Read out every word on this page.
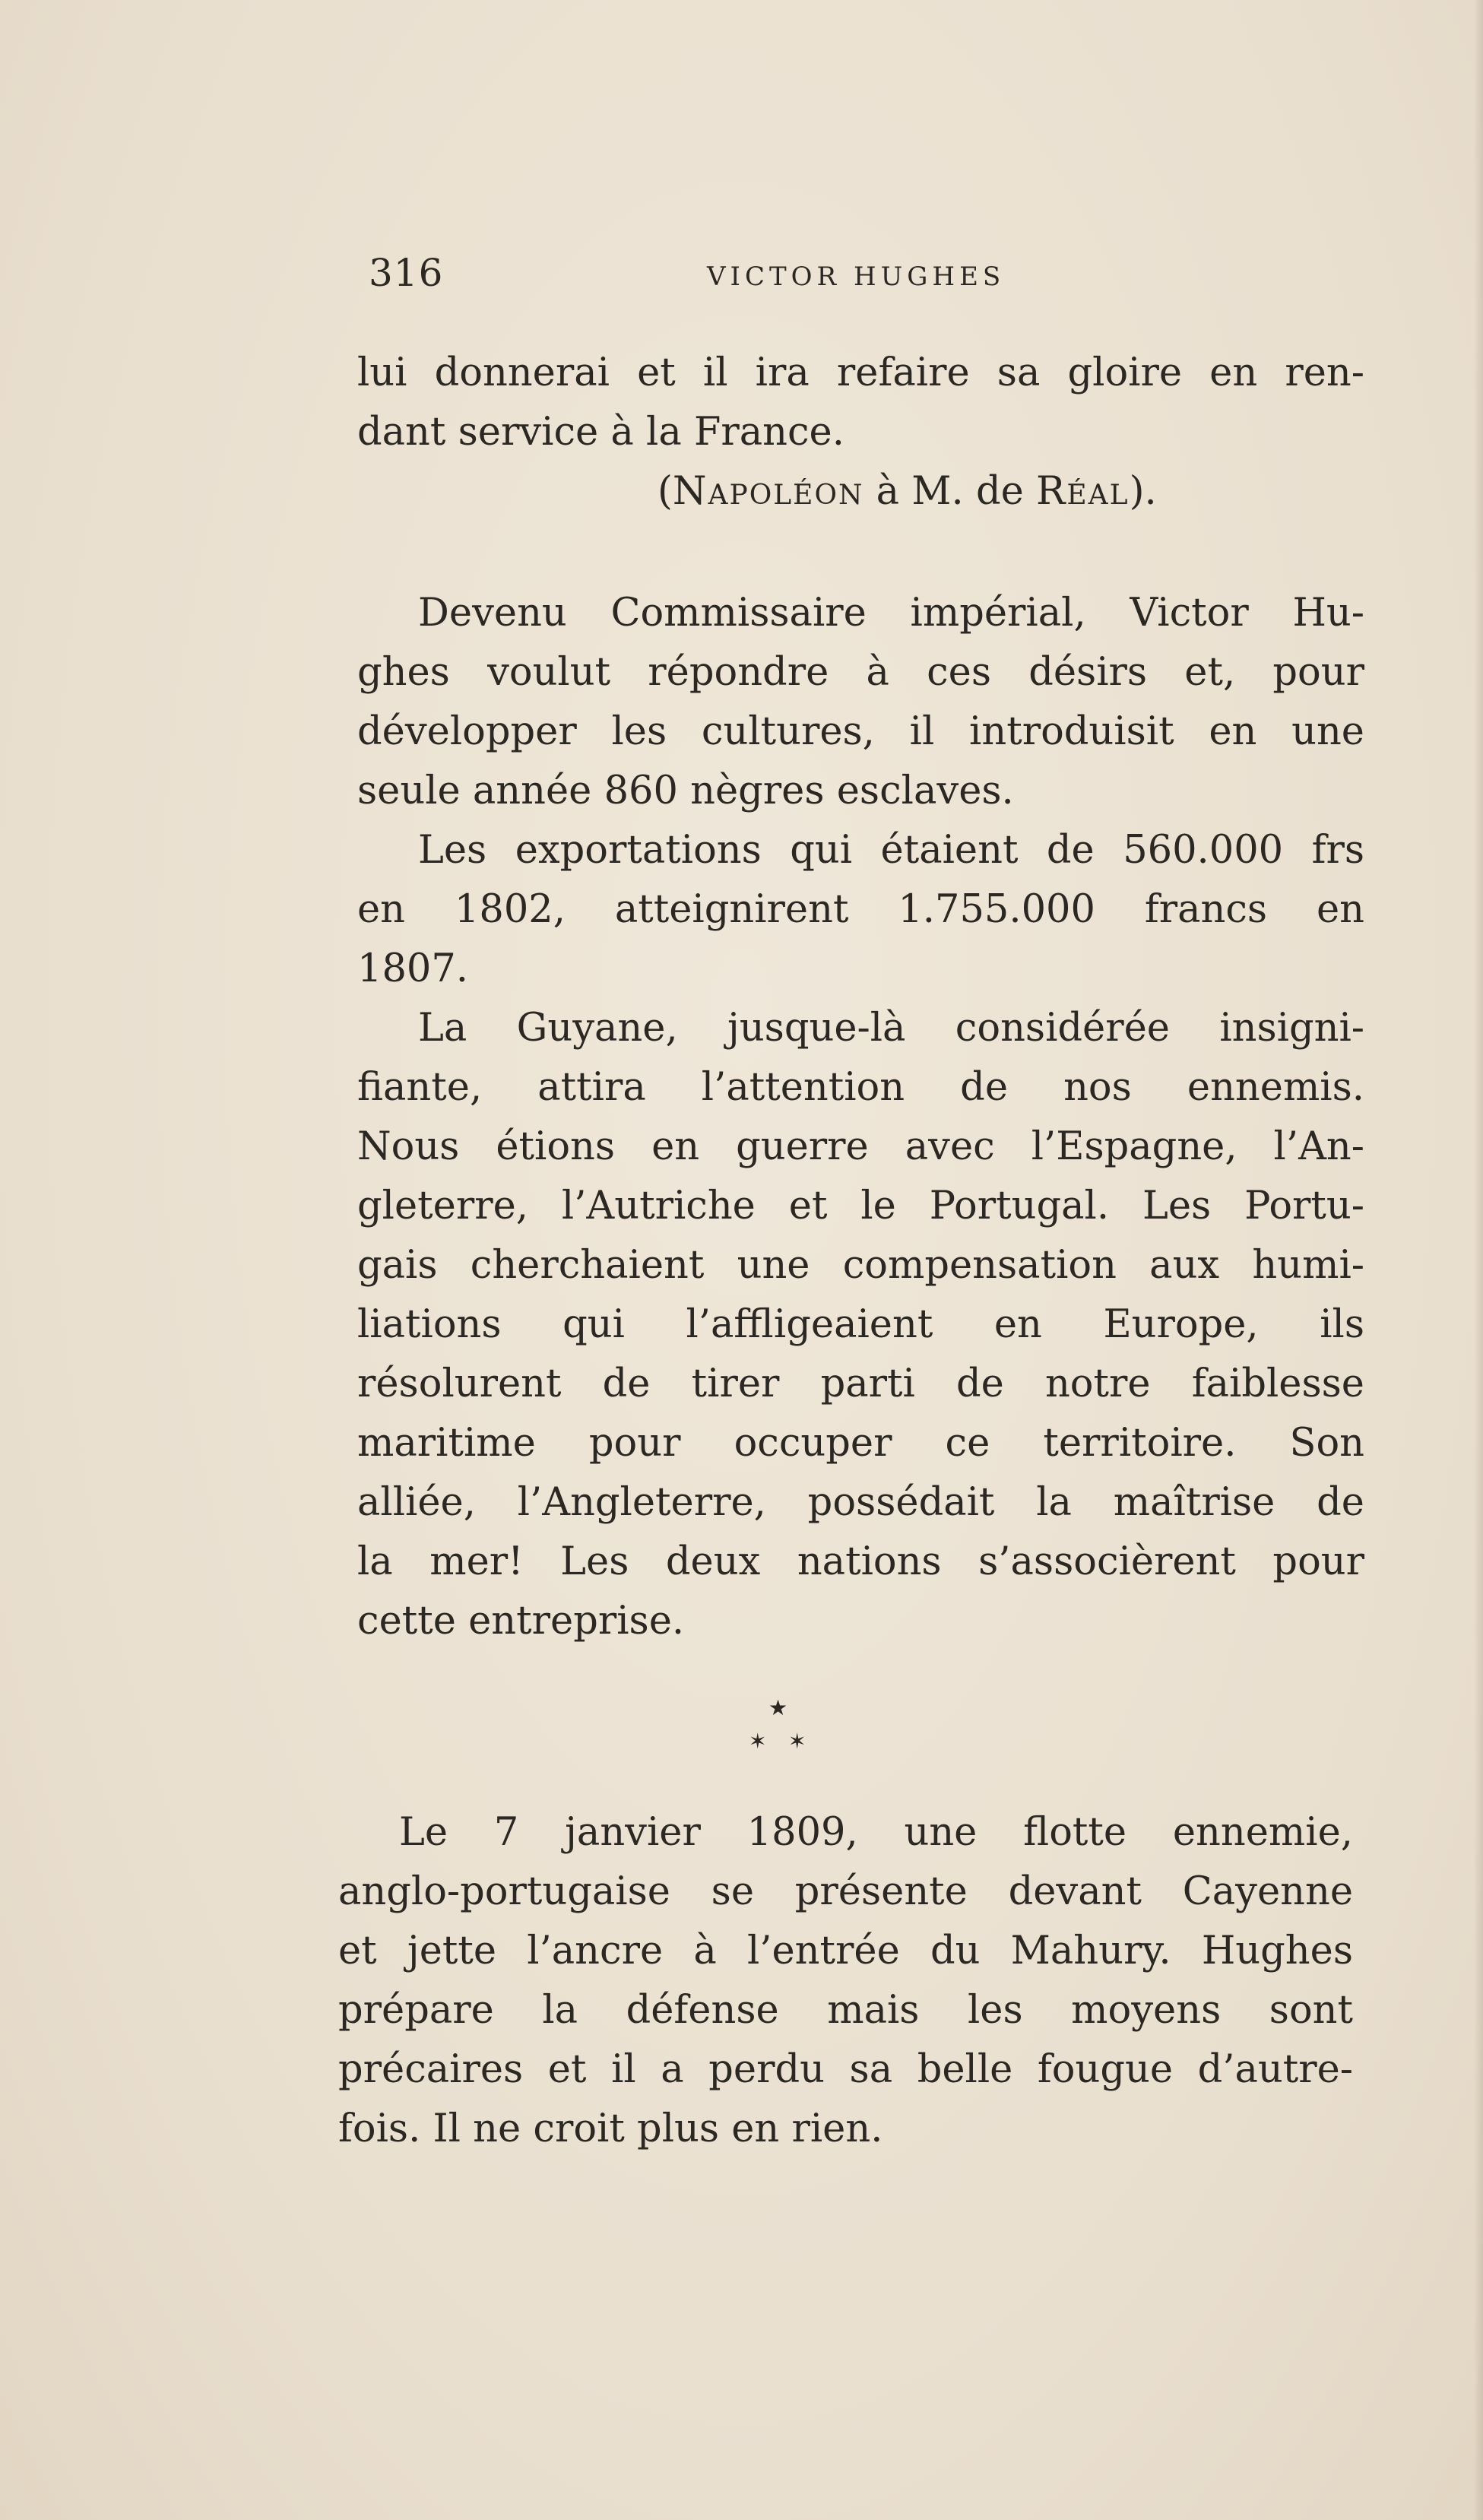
316	VICTOR HUGHES
lui donnerai et il ira refaire sa gloire en ren-
dant service à la France.
(Napoléon à M. de Réal).
Devenu Commissaire impérial, Victor Hu-
ghes voulut répondre à ces désirs et, pour
développer les cultures, il introduisit en une
seule année 860 nègres esclaves.
Les exportations qui étaient de 560.000 frs
en 1802, atteignirent 1.755.000 francs en
1807.
La Guyane, jusque-là considérée insigni-
fiante, attira l’attention de nos ennemis.
Nous étions en guerre avec l’Espagne, l’An-
gleterre, l’Autriche et le Portugal. Les Portu-
gais cherchaient une compensation aux humi-
liations qui l’affligeaient en Europe, ils
résolurent de tirer parti de notre faiblesse
maritime pour occuper ce territoire. Son
alliée, l’Angleterre, possédait la maîtrise de
la mer! Les deux nations s’associèrent pour
cette entreprise.
★
✶ ✶
Le 7 janvier 1809, une flotte ennemie,
anglo-portugaise se présente devant Cayenne
et jette l’ancre à l’entrée du Mahury. Hughes
prépare la défense mais les moyens sont
précaires et il a perdu sa belle fougue d’autre-
fois. Il ne croit plus en rien.
